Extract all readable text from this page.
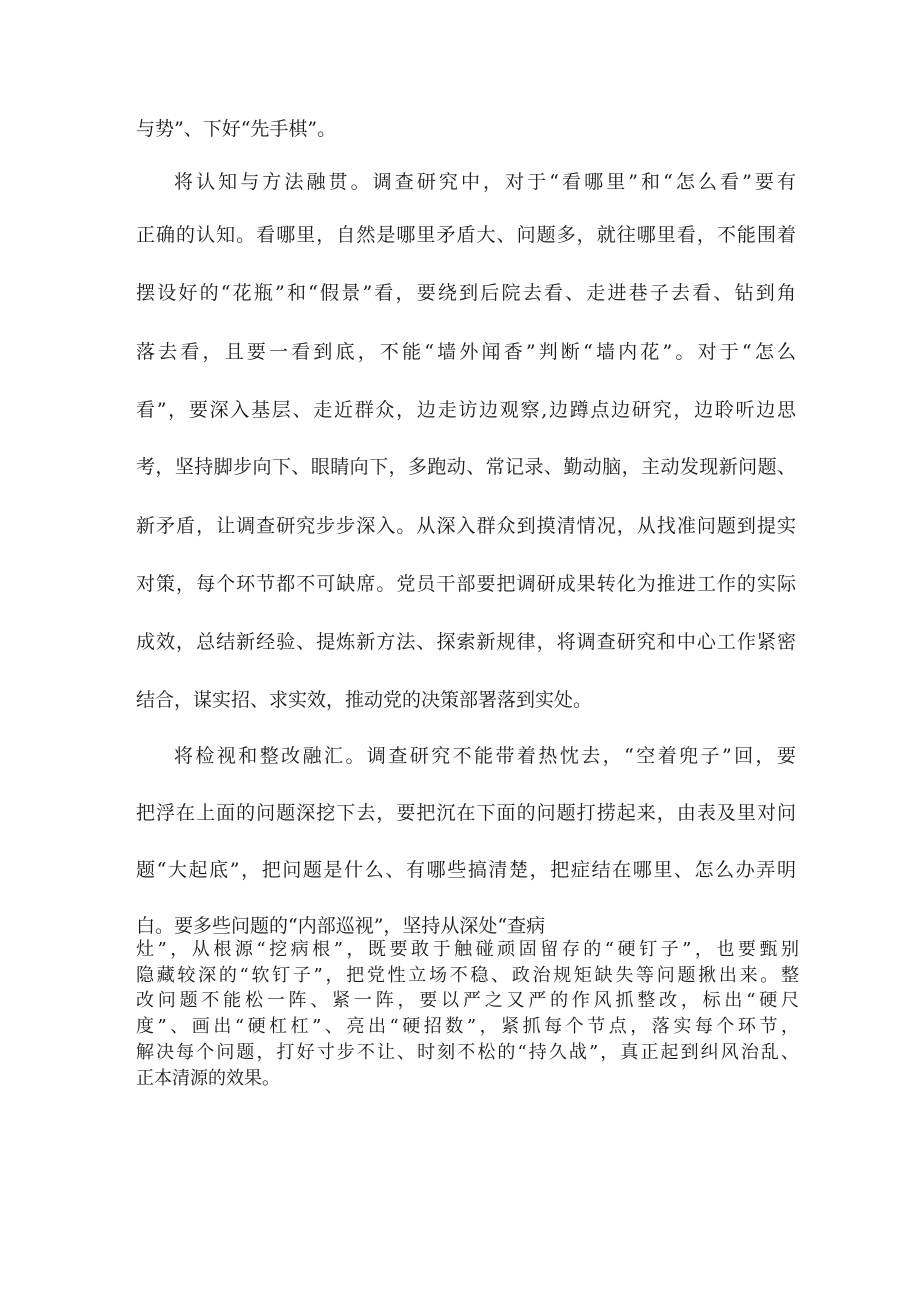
与势”、下好“先手棋”。
将认知与方法融贯。调查研究中，对于“看哪里”和“怎么看”要有
正确的认知。看哪里，自然是哪里矛盾大、问题多，就往哪里看，不能围着
摆设好的“花瓶”和“假景”看，要绕到后院去看、走进巷子去看、钻到角
落去看，且要一看到底，不能“墙外闻香”判断“墙内花”。对于“怎么
看”，要深入基层、走近群众，边走访边观察,边蹲点边研究，边聆听边思
考，坚持脚步向下、眼睛向下，多跑动、常记录、勤动脑，主动发现新问题、
新矛盾，让调查研究步步深入。从深入群众到摸清情况，从找准问题到提实
对策，每个环节都不可缺席。党员干部要把调研成果转化为推进工作的实际
成效，总结新经验、提炼新方法、探索新规律，将调查研究和中心工作紧密
结合，谋实招、求实效，推动党的决策部署落到实处。
将检视和整改融汇。调查研究不能带着热忱去，“空着兜子”回，要
把浮在上面的问题深挖下去，要把沉在下面的问题打捞起来，由表及里对问
题“大起底”，把问题是什么、有哪些搞清楚，把症结在哪里、怎么办弄明
白。要多些问题的“内部巡视”，坚持从深处“查病
灶”，从根源“挖病根”，既要敢于触碰顽固留存的“硬钉子”，也要甄别
隐藏较深的“软钉子”，把党性立场不稳、政治规矩缺失等问题揪出来。整
改问题不能松一阵、紧一阵，要以严之又严的作风抓整改，标出“硬尺
度”、画出“硬杠杠”、亮出“硬招数”，紧抓每个节点，落实每个环节，
解决每个问题，打好寸步不让、时刻不松的“持久战”，真正起到纠风治乱、
正本清源的效果。
